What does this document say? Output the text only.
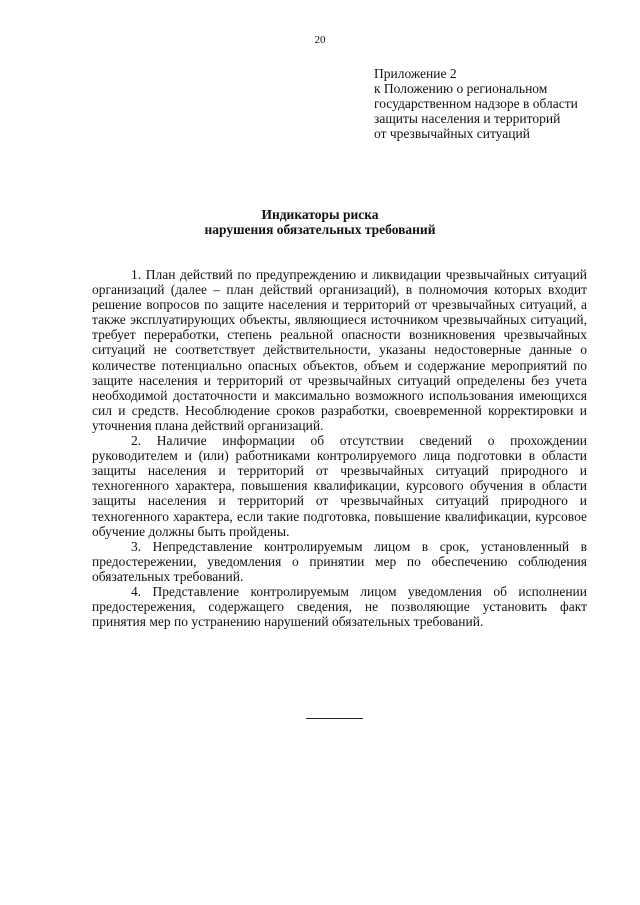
20
Приложение 2
к Положению о региональном
государственном надзоре в области
защиты населения и территорий
от чрезвычайных ситуаций
Индикаторы риска
нарушения обязательных требований

1. План действий по предупреждению и ликвидации чрезвычайных ситуаций организаций (далее – план действий организаций), в полномочия которых входит решение вопросов по защите населения и территорий от чрезвычайных ситуаций, а также эксплуатирующих объекты, являющиеся источником чрезвычайных ситуаций, требует переработки, степень реальной опасности возникновения чрезвычайных ситуаций не соответствует действительности, указаны недостоверные данные о количестве потенциально опасных объектов, объем и содержание мероприятий по защите населения и территорий от чрезвычайных ситуаций определены без учета необходимой достаточности и максимально возможного использования имеющихся сил и средств. Несоблюдение сроков разработки, своевременной корректировки и уточнения плана действий организаций.

2. Наличие информации об отсутствии сведений о прохождении руководителем и (или) работниками контролируемого лица подготовки в области защиты населения и территорий от чрезвычайных ситуаций природного и техногенного характера, повышения квалификации, курсового обучения в области защиты населения и территорий от чрезвычайных ситуаций природного и техногенного характера, если такие подготовка, повышение квалификации, курсовое обучение должны быть пройдены.

3. Непредставление контролируемым лицом в срок, установленный в предостережении, уведомления о принятии мер по обеспечению соблюдения обязательных требований.

4. Представление контролируемым лицом уведомления об исполнении предостережения, содержащего сведения, не позволяющие установить факт принятия мер по устранению нарушений обязательных требований.
